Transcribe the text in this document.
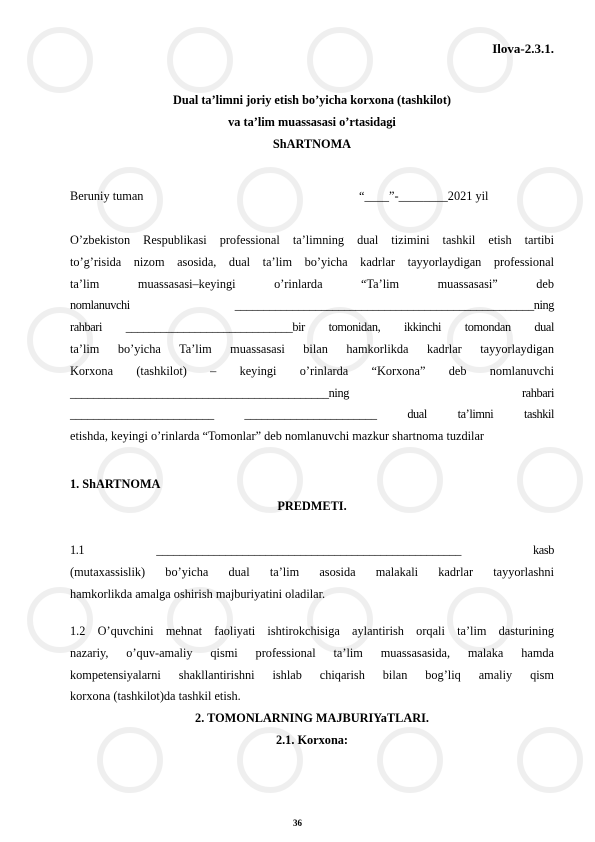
Ilova-2.3.1.
Dual ta’limni joriy etish bo’yicha korxona (tashkilot)
va ta’lim muassasasi o’rtasidagi
ShARTNOMA
Beruniy tuman	“____”-________2021 yil
O’zbekiston Respublikasi professional ta’limning dual tizimini tashkil etish tartibi
to’g’risida nizom asosida, dual ta’lim bo’yicha kadrlar tayyorlaydigan professional
ta’lim muassasasi–keyingi o’rinlarda “Ta’lim muassasasi” deb
nomlanuvchi ____________________________________________________ning
rahbari _____________________________bir tomonidan, ikkinchi tomondan dual
ta’lim bo’yicha Ta’lim muassasasi bilan hamkorlikda kadrlar tayyorlaydigan
Korxona (tashkilot) – keyingi o’rinlarda “Korxona” deb nomlanuvchi
_____________________________________________ning rahbari
_________________________ _______________________ dual ta’limni tashkil
etishda, keyingi o’rinlarda “Tomonlar” deb nomlanuvchi mazkur shartnoma tuzdilar
1. ShARTNOMA
PREDMETI.
1.1 _____________________________________________________ kasb
(mutaxassislik) bo’yicha dual ta’lim asosida malakali kadrlar tayyorlashni
hamkorlikda amalga oshirish majburiyatini oladilar.
1.2 O’quvchini mehnat faoliyati ishtirokchisiga aylantirish orqali ta’lim dasturining
nazariy, o’quv-amaliy qismi professional ta’lim muassasasida, malaka hamda
kompetensiyalarni shakllantirishni ishlab chiqarish bilan bog’liq amaliy qism
korxona (tashkilot)da tashkil etish.
2. TOMONLARNING MAJBURIYaTLARI.
2.1. Korxona:
36
